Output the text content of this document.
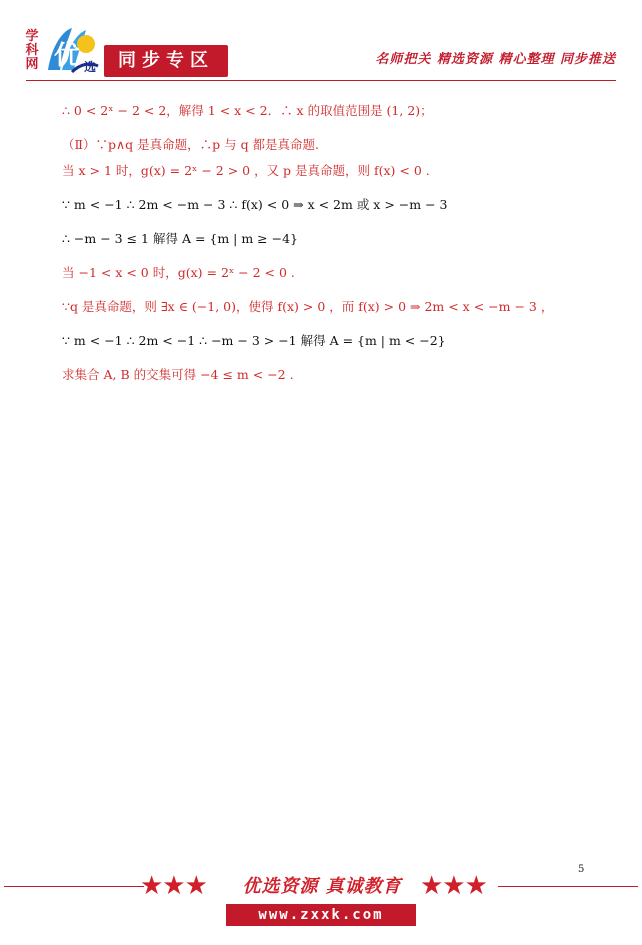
学科网 优 选	同步专区	名师把关 精选资源 精心整理 同步推送
∴ 0 < 2ˣ − 2 < 2，解得 1 < x < 2．∴ x 的取值范围是 (1, 2)；
（Ⅱ）∵p∧q 是真命题，∴p 与 q 都是真命题.
当 x > 1 时，g(x) = 2ˣ − 2 > 0 ，又 p 是真命题，则 f(x) < 0 .
∵ m < −1 ∴ 2m < −m − 3 ∴ f(x) < 0 ⇒ x < 2m 或 x > −m − 3
∴ −m − 3 ≤ 1 解得 A = {m | m ≥ −4}
当 −1 < x < 0 时，g(x) = 2ˣ − 2 < 0 .
∵q 是真命题，则 ∃x ∈ (−1, 0)，使得 f(x) > 0 ，而 f(x) > 0 ⇒ 2m < x < −m − 3 ，
∵ m < −1 ∴ 2m < −1 ∴ −m − 3 > −1 解得 A = {m | m < −2}
求集合 A, B 的交集可得 −4 ≤ m < −2 .
5
★★★	优选资源 真诚教育 ★★★
www.zxxk.com
